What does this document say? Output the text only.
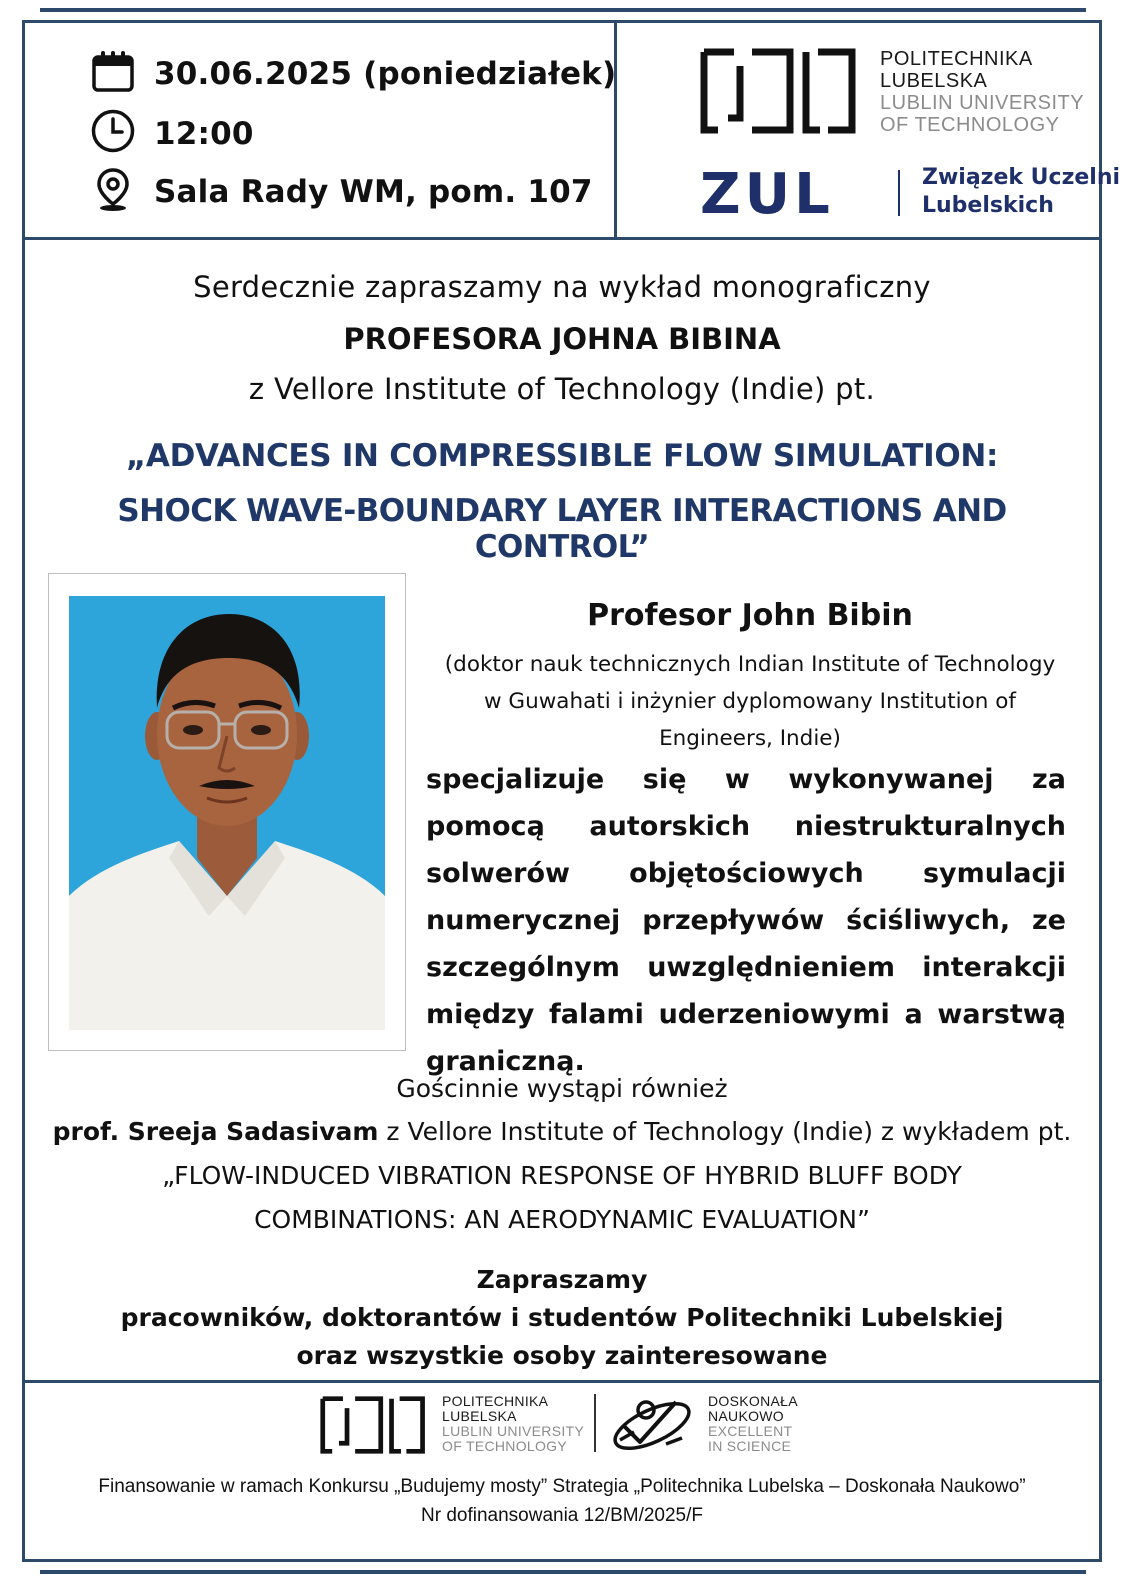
30.06.2025 (poniedziałek)
12:00
Sala Rady WM, pom. 107
POLITECHNIKA
LUBELSKA
LUBLIN UNIVERSITY
OF TECHNOLOGY
ZUL	Związek Uczelni
Lubelskich
Serdecznie zapraszamy na wykład monograficzny
PROFESORA JOHNA BIBINA
z Vellore Institute of Technology (Indie) pt.
„ADVANCES IN COMPRESSIBLE FLOW SIMULATION:
SHOCK WAVE-BOUNDARY LAYER INTERACTIONS AND CONTROL”
Profesor John Bibin
(doktor nauk technicznych Indian Institute of Technology
w Guwahati i inżynier dyplomowany Institution of
Engineers, Indie)
specjalizuje się w wykonywanej za pomocą autorskich niestrukturalnych solwerów objętościowych symulacji numerycznej przepływów ściśliwych, ze szczególnym uwzględnieniem interakcji między falami uderzeniowymi a warstwą graniczną.
Gościnnie wystąpi również
prof. Sreeja Sadasivam z Vellore Institute of Technology (Indie) z wykładem pt.
„FLOW-INDUCED VIBRATION RESPONSE OF HYBRID BLUFF BODY
COMBINATIONS: AN AERODYNAMIC EVALUATION”
Zapraszamy
pracowników, doktorantów i studentów Politechniki Lubelskiej
oraz wszystkie osoby zainteresowane
POLITECHNIKA
LUBELSKA
LUBLIN UNIVERSITY
OF TECHNOLOGY
DOSKONAŁA
NAUKOWO
EXCELLENT
IN SCIENCE
Finansowanie w ramach Konkursu „Budujemy mosty” Strategia „Politechnika Lubelska – Doskonała Naukowo”
Nr dofinansowania 12/BM/2025/F
